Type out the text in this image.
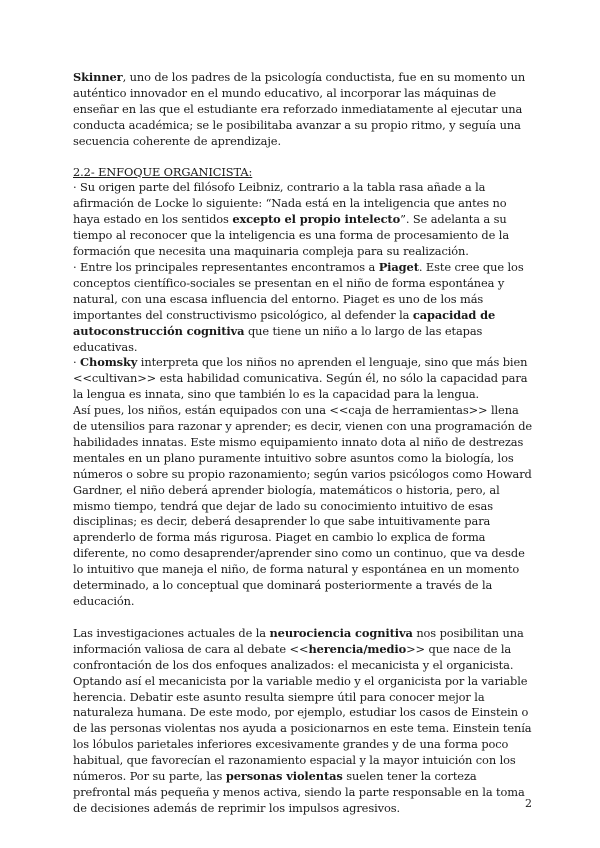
Skinner, uno de los padres de la psicología conductista, fue en su momento un auténtico innovador en el mundo educativo, al incorporar las máquinas de enseñar en las que el estudiante era reforzado inmediatamente al ejecutar una conducta académica; se le posibilitaba avanzar a su propio ritmo, y seguía una secuencia coherente de aprendizaje.

2.2- ENFOQUE ORGANICISTA:

· Su origen parte del filósofo Leibniz, contrario a la tabla rasa añade a la afirmación de Locke lo siguiente: “Nada está en la inteligencia que antes no haya estado en los sentidos excepto el propio intelecto”. Se adelanta a su tiempo al reconocer que la inteligencia es una forma de procesamiento de la formación que necesita una maquinaria compleja para su realización.

· Entre los principales representantes encontramos a Piaget. Este cree que los conceptos científico-sociales se presentan en el niño de forma espontánea y natural, con una escasa influencia del entorno. Piaget es uno de los más importantes del constructivismo psicológico, al defender la capacidad de autoconstrucción cognitiva que tiene un niño a lo largo de las etapas educativas.

· Chomsky interpreta que los niños no aprenden el lenguaje, sino que más bien <<cultivan>> esta habilidad comunicativa. Según él, no sólo la capacidad para la lengua es innata, sino que también lo es la capacidad para la lengua.

Así pues, los niños, están equipados con una <<caja de herramientas>> llena de utensilios para razonar y aprender; es decir, vienen con una programación de habilidades innatas. Este mismo equipamiento innato dota al niño de destrezas mentales en un plano puramente intuitivo sobre asuntos como la biología, los números o sobre su propio razonamiento; según varios psicólogos como Howard Gardner, el niño deberá aprender biología, matemáticos o historia, pero, al mismo tiempo, tendrá que dejar de lado su conocimiento intuitivo de esas disciplinas; es decir, deberá desaprender lo que sabe intuitivamente para aprenderlo de forma más rigurosa. Piaget en cambio lo explica de forma diferente, no como desaprender/aprender sino como un continuo, que va desde lo intuitivo que maneja el niño, de forma natural y espontánea en un momento determinado, a lo conceptual que dominará posteriormente a través de la educación.

Las investigaciones actuales de la neurociencia cognitiva nos posibilitan una información valiosa de cara al debate <<herencia/medio>> que nace de la confrontación de los dos enfoques analizados: el mecanicista y el organicista. Optando así el mecanicista por la variable medio y el organicista por la variable herencia. Debatir este asunto resulta siempre útil para conocer mejor la naturaleza humana. De este modo, por ejemplo, estudiar los casos de Einstein o de las personas violentas nos ayuda a posicionarnos en este tema. Einstein tenía los lóbulos parietales inferiores excesivamente grandes y de una forma poco habitual, que favorecían el razonamiento espacial y la mayor intuición con los números. Por su parte, las personas violentas suelen tener la corteza prefrontal más pequeña y menos activa, siendo la parte responsable en la toma de decisiones además de reprimir los impulsos agresivos.	2
